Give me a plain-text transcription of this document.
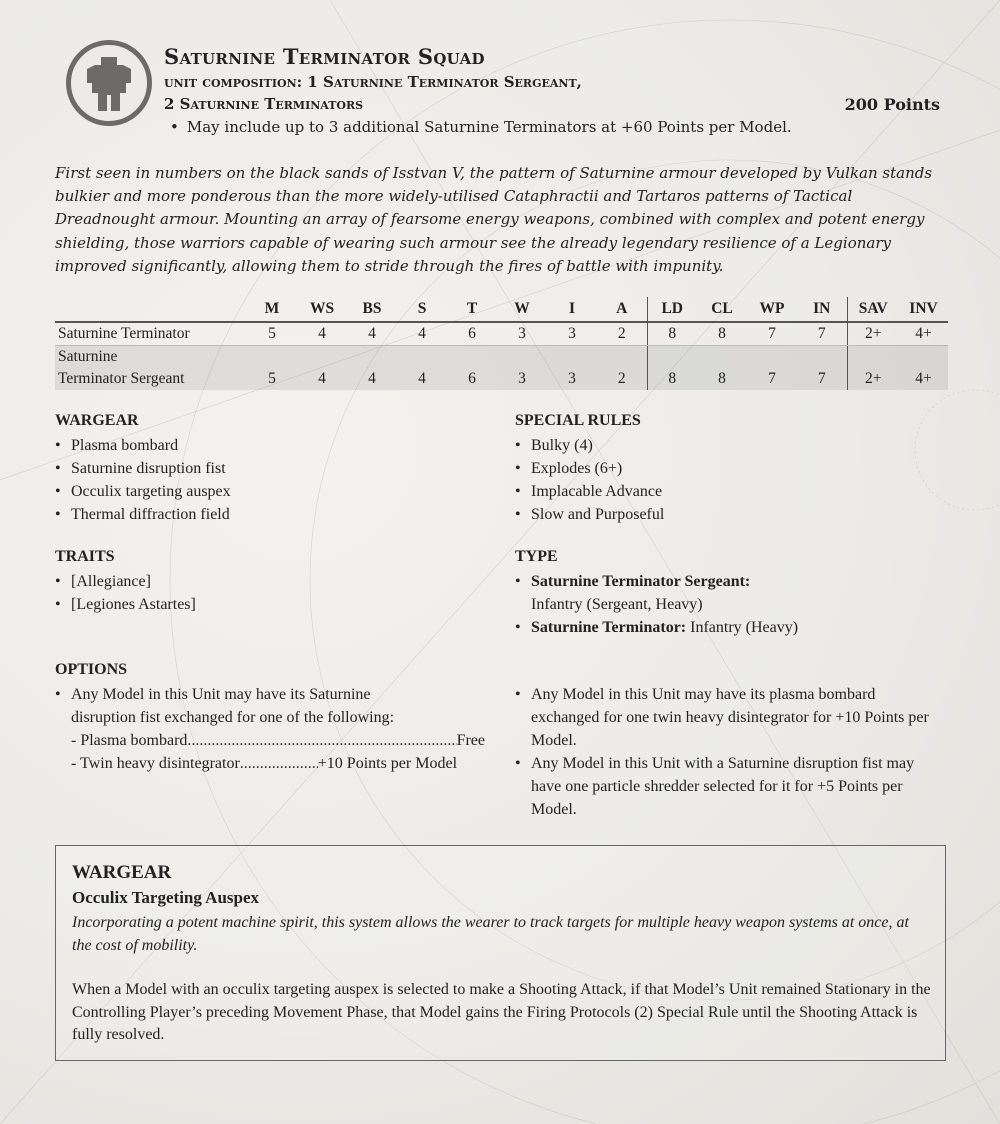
Saturnine Terminator Squad
unit composition: 1 Saturnine Terminator Sergeant,
2 Saturnine Terminators	200 Points
• May include up to 3 additional Saturnine Terminators at +60 Points per Model.
First seen in numbers on the black sands of Isstvan V, the pattern of Saturnine armour developed by Vulkan stands bulkier and more ponderous than the more widely-utilised Cataphractii and Tartaros patterns of Tactical Dreadnought armour. Mounting an array of fearsome energy weapons, combined with complex and potent energy shielding, those warriors capable of wearing such armour see the already legendary resilience of a Legionary improved significantly, allowing them to stride through the fires of battle with impunity.
	M	WS	BS	S	T	W	I	A	LD	CL	WP	IN	SAV	INV
Saturnine Terminator	5	4	4	4	6	3	3	2	8	8	7	7	2+	4+
Saturnine														
Terminator Sergeant	5	4	4	4	6	3	3	2	8	8	7	7	2+	4+
WARGEAR
• Plasma bombard
• Saturnine disruption fist
• Occulix targeting auspex
• Thermal diffraction field
SPECIAL RULES
• Bulky (4)
• Explodes (6+)
• Implacable Advance
• Slow and Purposeful
TRAITS
• [Allegiance]
• [Legiones Astartes]
TYPE
• Saturnine Terminator Sergeant:
Infantry (Sergeant, Heavy)
• Saturnine Terminator: Infantry (Heavy)
OPTIONS
• Any Model in this Unit may have its Saturnine
disruption fist exchanged for one of the following:
- Plasma bombard .....	Free
- Twin heavy disintegrator .....	+10 Points per Model
• Any Model in this Unit may have its plasma bombard exchanged for one twin heavy disintegrator for +10 Points per Model.
• Any Model in this Unit with a Saturnine disruption fist may have one particle shredder selected for it for +5 Points per Model.
WARGEAR
Occulix Targeting Auspex
Incorporating a potent machine spirit, this system allows the wearer to track targets for multiple heavy weapon systems at once, at the cost of mobility.
When a Model with an occulix targeting auspex is selected to make a Shooting Attack, if that Model’s Unit remained Stationary in the Controlling Player’s preceding Movement Phase, that Model gains the Firing Protocols (2) Special Rule until the Shooting Attack is fully resolved.
